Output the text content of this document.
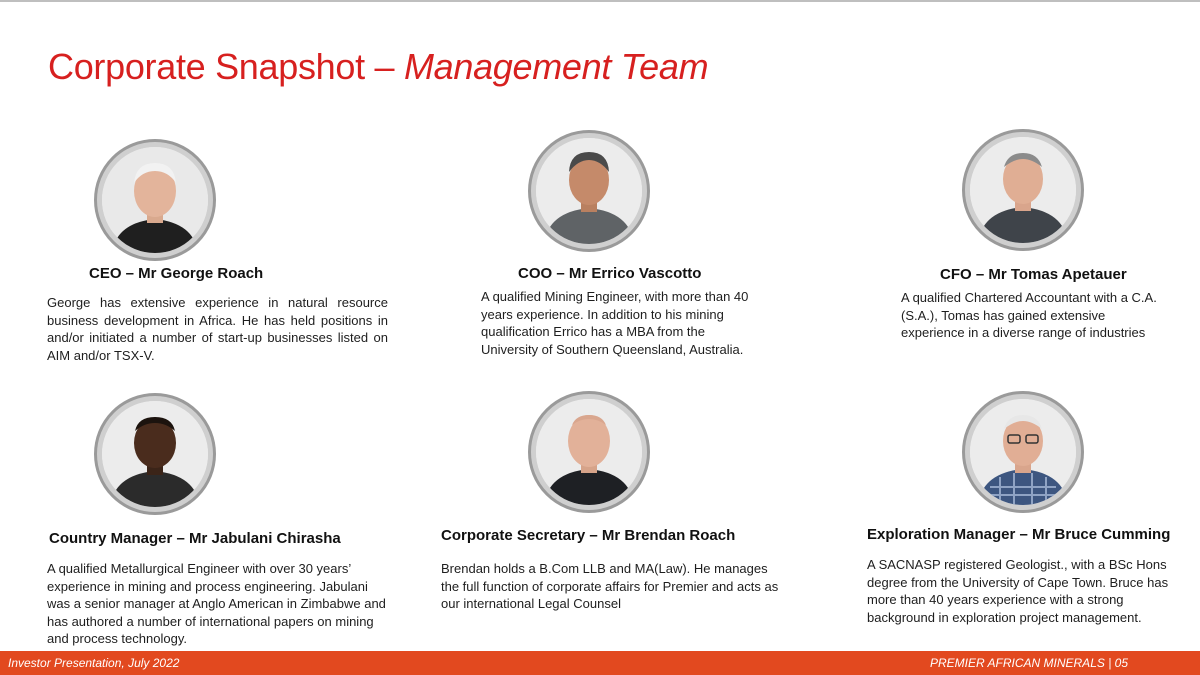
Corporate Snapshot – Management Team
CEO – Mr George Roach
George has extensive experience in natural resource business development in Africa. He has held positions in and/or initiated a number of start-up businesses listed on AIM and/or TSX-V.
COO – Mr Errico Vascotto
A qualified Mining Engineer, with more than 40 years experience. In addition to his mining qualification Errico has a MBA from the University of Southern Queensland, Australia.
CFO – Mr Tomas Apetauer
A qualified Chartered Accountant with a C.A. (S.A.), Tomas has gained extensive experience in a diverse range of industries
Country Manager – Mr Jabulani Chirasha
A qualified Metallurgical Engineer with over 30 years’ experience in mining and process engineering. Jabulani was a senior manager at Anglo American in Zimbabwe and has authored a number of international papers on mining and process technology.
Corporate Secretary – Mr Brendan Roach
Brendan holds a B.Com LLB and MA(Law). He manages the full function of corporate affairs for Premier and acts as our international Legal Counsel
Exploration Manager – Mr Bruce Cumming
A SACNASP registered Geologist., with a BSc Hons degree from the University of Cape Town. Bruce has more than 40 years experience with a strong background in exploration project management.
Investor Presentation, July 2022	PREMIER AFRICAN MINERALS | 05
